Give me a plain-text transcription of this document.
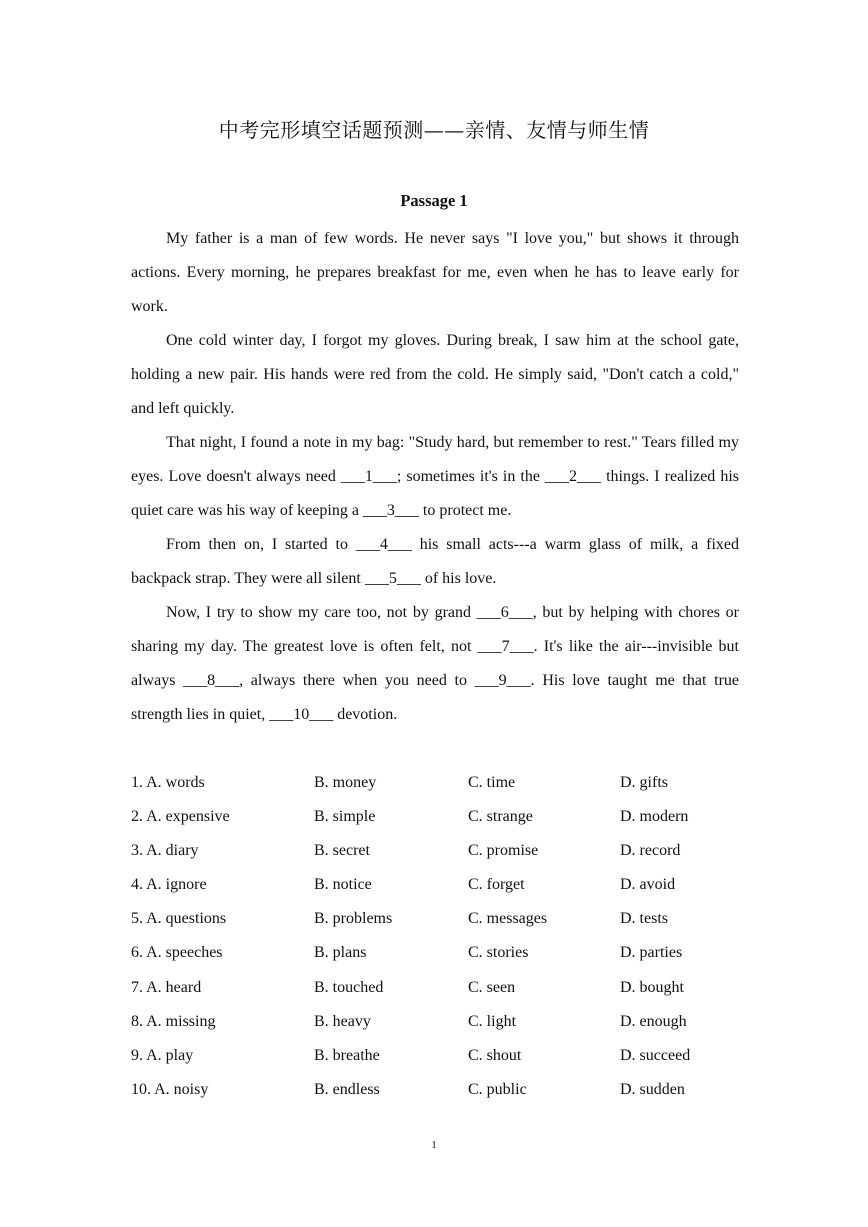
中考完形填空话题预测——亲情、友情与师生情
Passage 1

My father is a man of few words. He never says "I love you," but shows it through actions. Every morning, he prepares breakfast for me, even when he has to leave early for work.

One cold winter day, I forgot my gloves. During break, I saw him at the school gate, holding a new pair. His hands were red from the cold. He simply said, "Don't catch a cold," and left quickly.

That night, I found a note in my bag: "Study hard, but remember to rest." Tears filled my eyes. Love doesn't always need ___1___; sometimes it's in the ___2___ things. I realized his quiet care was his way of keeping a ___3___ to protect me.

From then on, I started to ___4___ his small acts---a warm glass of milk, a fixed backpack strap. They were all silent ___5___ of his love.

Now, I try to show my care too, not by grand ___6___, but by helping with chores or sharing my day. The greatest love is often felt, not ___7___. It's like the air---invisible but always ___8___, always there when you need to ___9___. His love taught me that true strength lies in quiet, ___10___ devotion.

1. A. words	B. money	C. time	D. gifts
2. A. expensive	B. simple	C. strange	D. modern
3. A. diary	B. secret	C. promise	D. record
4. A. ignore	B. notice	C. forget	D. avoid
5. A. questions	B. problems	C. messages	D. tests
6. A. speeches	B. plans	C. stories	D. parties
7. A. heard	B. touched	C. seen	D. bought
8. A. missing	B. heavy	C. light	D. enough
9. A. play	B. breathe	C. shout	D. succeed
10. A. noisy	B. endless	C. public	D. sudden
1
